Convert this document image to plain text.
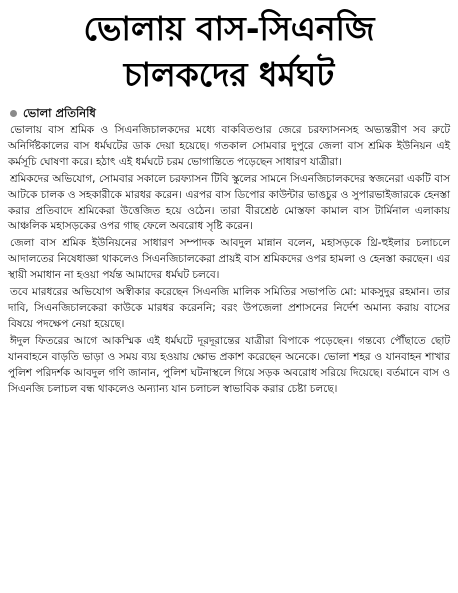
ভোলায় বাস-সিএনজি
চালকদের ধর্মঘট
ভোলা প্রতিনিধি

ভোলায় বাস শ্রমিক ও সিএনজিচালকদের মধ্যে বাকবিতণ্ডার জেরে চরফ্যাসনসহ অভ্যন্তরীণ সব রুটে অনির্দিষ্টকালের বাস ধর্মঘটের ডাক দেয়া হয়েছে। গতকাল সোমবার দুপুরে জেলা বাস শ্রমিক ইউনিয়ন এই কর্মসূচি ঘোষণা করে। হঠাৎ এই ধর্মঘটে চরম ভোগান্তিতে পড়েছেন সাধারণ যাত্রীরা।

শ্রমিকদের অভিযোগ, সোমবার সকালে চরফ্যাসন টিবি স্কুলের সামনে সিএনজিচালকদের স্বজনেরা একটি বাস আটকে চালক ও সহকারীকে মারধর করেন। এরপর বাস ডিপোর কাউন্টার ভাঙচুর ও সুপারভাইজারকে হেনস্তা করার প্রতিবাদে শ্রমিকেরা উত্তেজিত হয়ে ওঠেন। তারা বীরশ্রেষ্ঠ মোস্তফা কামাল বাস টার্মিনাল এলাকায় আঞ্চলিক মহাসড়কের ওপর গাছ ফেলে অবরোধ সৃষ্টি করেন।

জেলা বাস শ্রমিক ইউনিয়নের সাধারণ সম্পাদক আবদুল মান্নান বলেন, মহাসড়কে থ্রি-হুইলার চলাচলে আদালতের নিষেধাজ্ঞা থাকলেও সিএনজিচালকেরা প্রায়ই বাস শ্রমিকদের ওপর হামলা ও হেনস্তা করছেন। এর স্থায়ী সমাধান না হওয়া পর্যন্ত আমাদের ধর্মঘট চলবে।

তবে মারধরের অভিযোগ অস্বীকার করেছেন সিএনজি মালিক সমিতির সভাপতি মো: মাকসুদুর রহমান। তার দাবি, সিএনজিচালকেরা কাউকে মারধর করেননি; বরং উপজেলা প্রশাসনের নির্দেশ অমান্য করায় বাসের বিষয়ে পদক্ষেপ নেয়া হয়েছে।

ঈদুল ফিতরের আগে আকস্মিক এই ধর্মঘটে দূরদূরান্তের যাত্রীরা বিপাকে পড়েছেন। গন্তব্যে পৌঁছাতে ছোট যানবাহনে বাড়তি ভাড়া ও সময় ব্যয় হওয়ায় ক্ষোভ প্রকাশ করেছেন অনেকে। ভোলা শহর ও যানবাহন শাখার পুলিশ পরিদর্শক আবদুল গণি জানান, পুলিশ ঘটনাস্থলে গিয়ে সড়ক অবরোধ সরিয়ে দিয়েছে। বর্তমানে বাস ও সিএনজি চলাচল বন্ধ থাকলেও অন্যান্য যান চলাচল স্বাভাবিক করার চেষ্টা চলছে।
